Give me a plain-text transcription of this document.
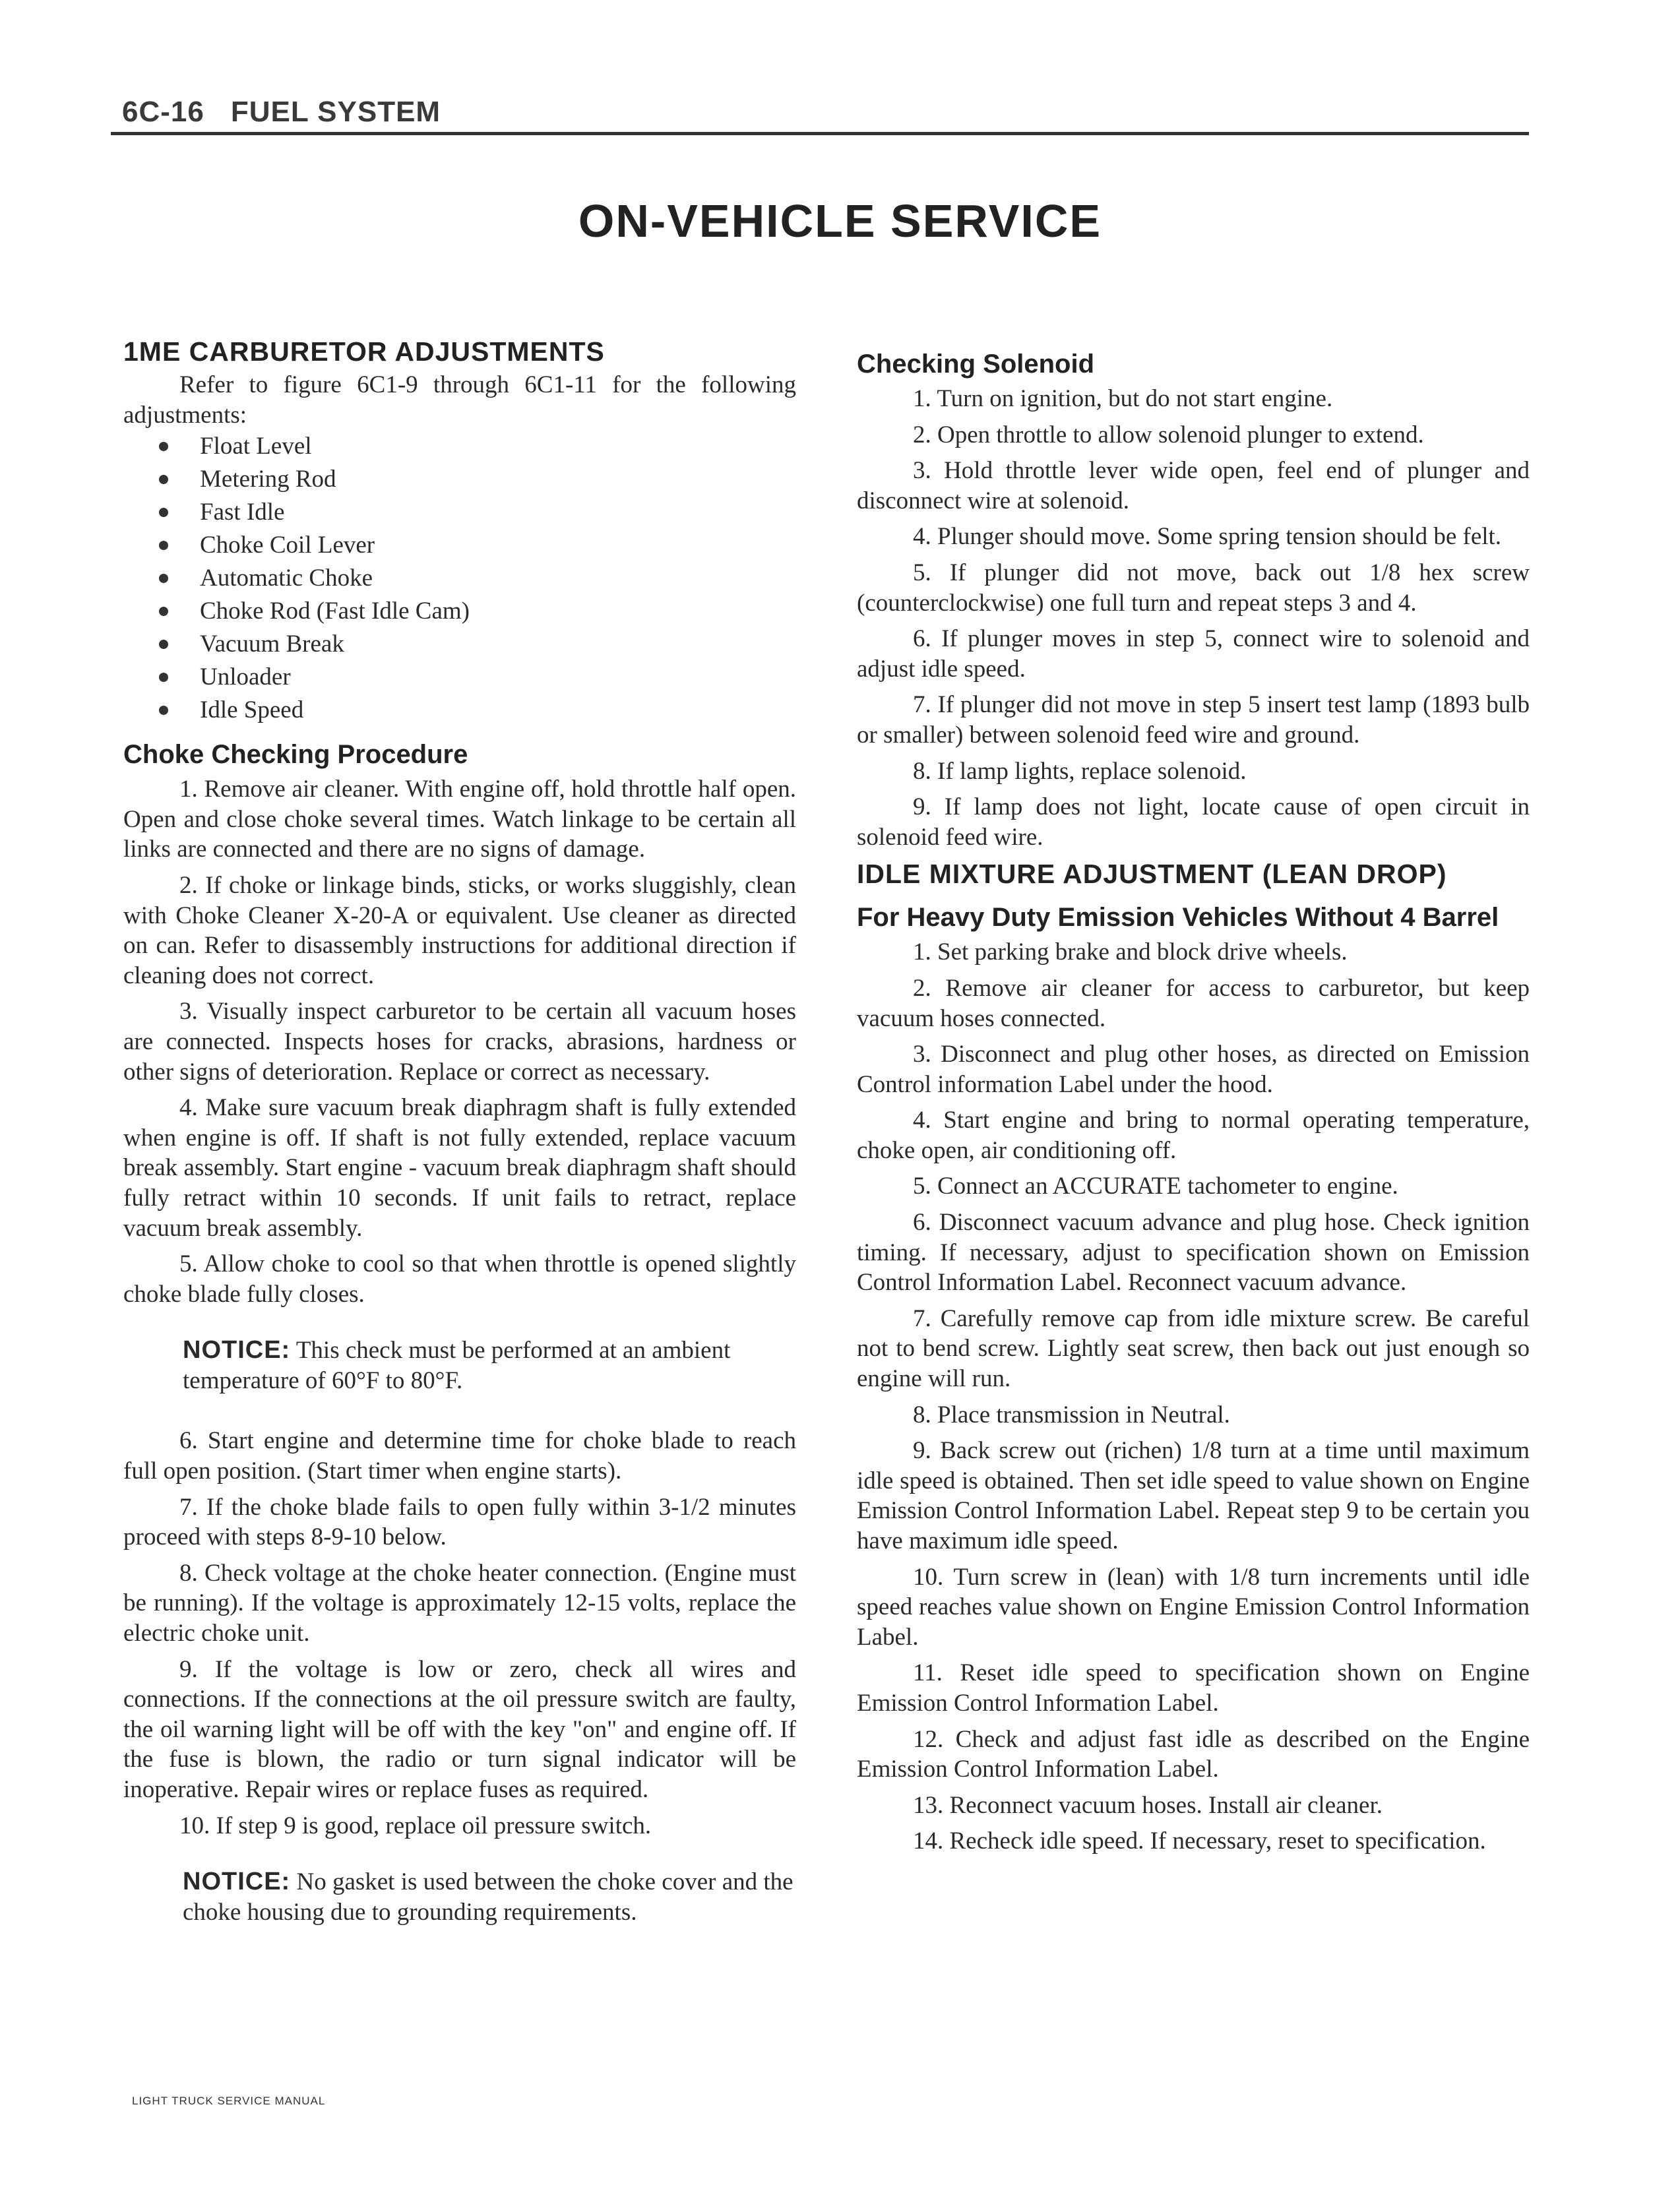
6C-16 FUEL SYSTEM
ON-VEHICLE SERVICE
1ME CARBURETOR ADJUSTMENTS

Refer to figure 6C1-9 through 6C1-11 for the following adjustments:

Float Level
Metering Rod
Fast Idle
Choke Coil Lever
Automatic Choke
Choke Rod (Fast Idle Cam)
Vacuum Break
Unloader
Idle Speed
Choke Checking Procedure

1. Remove air cleaner. With engine off, hold throttle half open. Open and close choke several times. Watch linkage to be certain all links are connected and there are no signs of damage.

2. If choke or linkage binds, sticks, or works sluggishly, clean with Choke Cleaner X-20-A or equivalent. Use cleaner as directed on can. Refer to disassembly instructions for additional direction if cleaning does not correct.

3. Visually inspect carburetor to be certain all vacuum hoses are connected. Inspects hoses for cracks, abrasions, hardness or other signs of deterioration. Replace or correct as necessary.

4. Make sure vacuum break diaphragm shaft is fully extended when engine is off. If shaft is not fully extended, replace vacuum break assembly. Start engine - vacuum break diaphragm shaft should fully retract within 10 seconds. If unit fails to retract, replace vacuum break assembly.

5. Allow choke to cool so that when throttle is opened slightly choke blade fully closes.

NOTICE: This check must be performed at an ambient temperature of 60°F to 80°F.

6. Start engine and determine time for choke blade to reach full open position. (Start timer when engine starts).

7. If the choke blade fails to open fully within 3-1/2 minutes proceed with steps 8-9-10 below.

8. Check voltage at the choke heater connection. (Engine must be running). If the voltage is approximately 12-15 volts, replace the electric choke unit.

9. If the voltage is low or zero, check all wires and connections. If the connections at the oil pressure switch are faulty, the oil warning light will be off with the key "on" and engine off. If the fuse is blown, the radio or turn signal indicator will be inoperative. Repair wires or replace fuses as required.

10. If step 9 is good, replace oil pressure switch.

NOTICE: No gasket is used between the choke cover and the choke housing due to grounding requirements.
Checking Solenoid

1. Turn on ignition, but do not start engine.

2. Open throttle to allow solenoid plunger to extend.

3. Hold throttle lever wide open, feel end of plunger and disconnect wire at solenoid.

4. Plunger should move. Some spring tension should be felt.

5. If plunger did not move, back out 1/8 hex screw (counterclockwise) one full turn and repeat steps 3 and 4.

6. If plunger moves in step 5, connect wire to solenoid and adjust idle speed.

7. If plunger did not move in step 5 insert test lamp (1893 bulb or smaller) between solenoid feed wire and ground.

8. If lamp lights, replace solenoid.

9. If lamp does not light, locate cause of open circuit in solenoid feed wire.

IDLE MIXTURE ADJUSTMENT (LEAN DROP)
For Heavy Duty Emission Vehicles Without 4 Barrel

1. Set parking brake and block drive wheels.

2. Remove air cleaner for access to carburetor, but keep vacuum hoses connected.

3. Disconnect and plug other hoses, as directed on Emission Control information Label under the hood.

4. Start engine and bring to normal operating temperature, choke open, air conditioning off.

5. Connect an ACCURATE tachometer to engine.

6. Disconnect vacuum advance and plug hose. Check ignition timing. If necessary, adjust to specification shown on Emission Control Information Label. Reconnect vacuum advance.

7. Carefully remove cap from idle mixture screw. Be careful not to bend screw. Lightly seat screw, then back out just enough so engine will run.

8. Place transmission in Neutral.

9. Back screw out (richen) 1/8 turn at a time until maximum idle speed is obtained. Then set idle speed to value shown on Engine Emission Control Information Label. Repeat step 9 to be certain you have maximum idle speed.

10. Turn screw in (lean) with 1/8 turn increments until idle speed reaches value shown on Engine Emission Control Information Label.

11. Reset idle speed to specification shown on Engine Emission Control Information Label.

12. Check and adjust fast idle as described on the Engine Emission Control Information Label.

13. Reconnect vacuum hoses. Install air cleaner.

14. Recheck idle speed. If necessary, reset to specification.

LIGHT TRUCK SERVICE MANUAL
